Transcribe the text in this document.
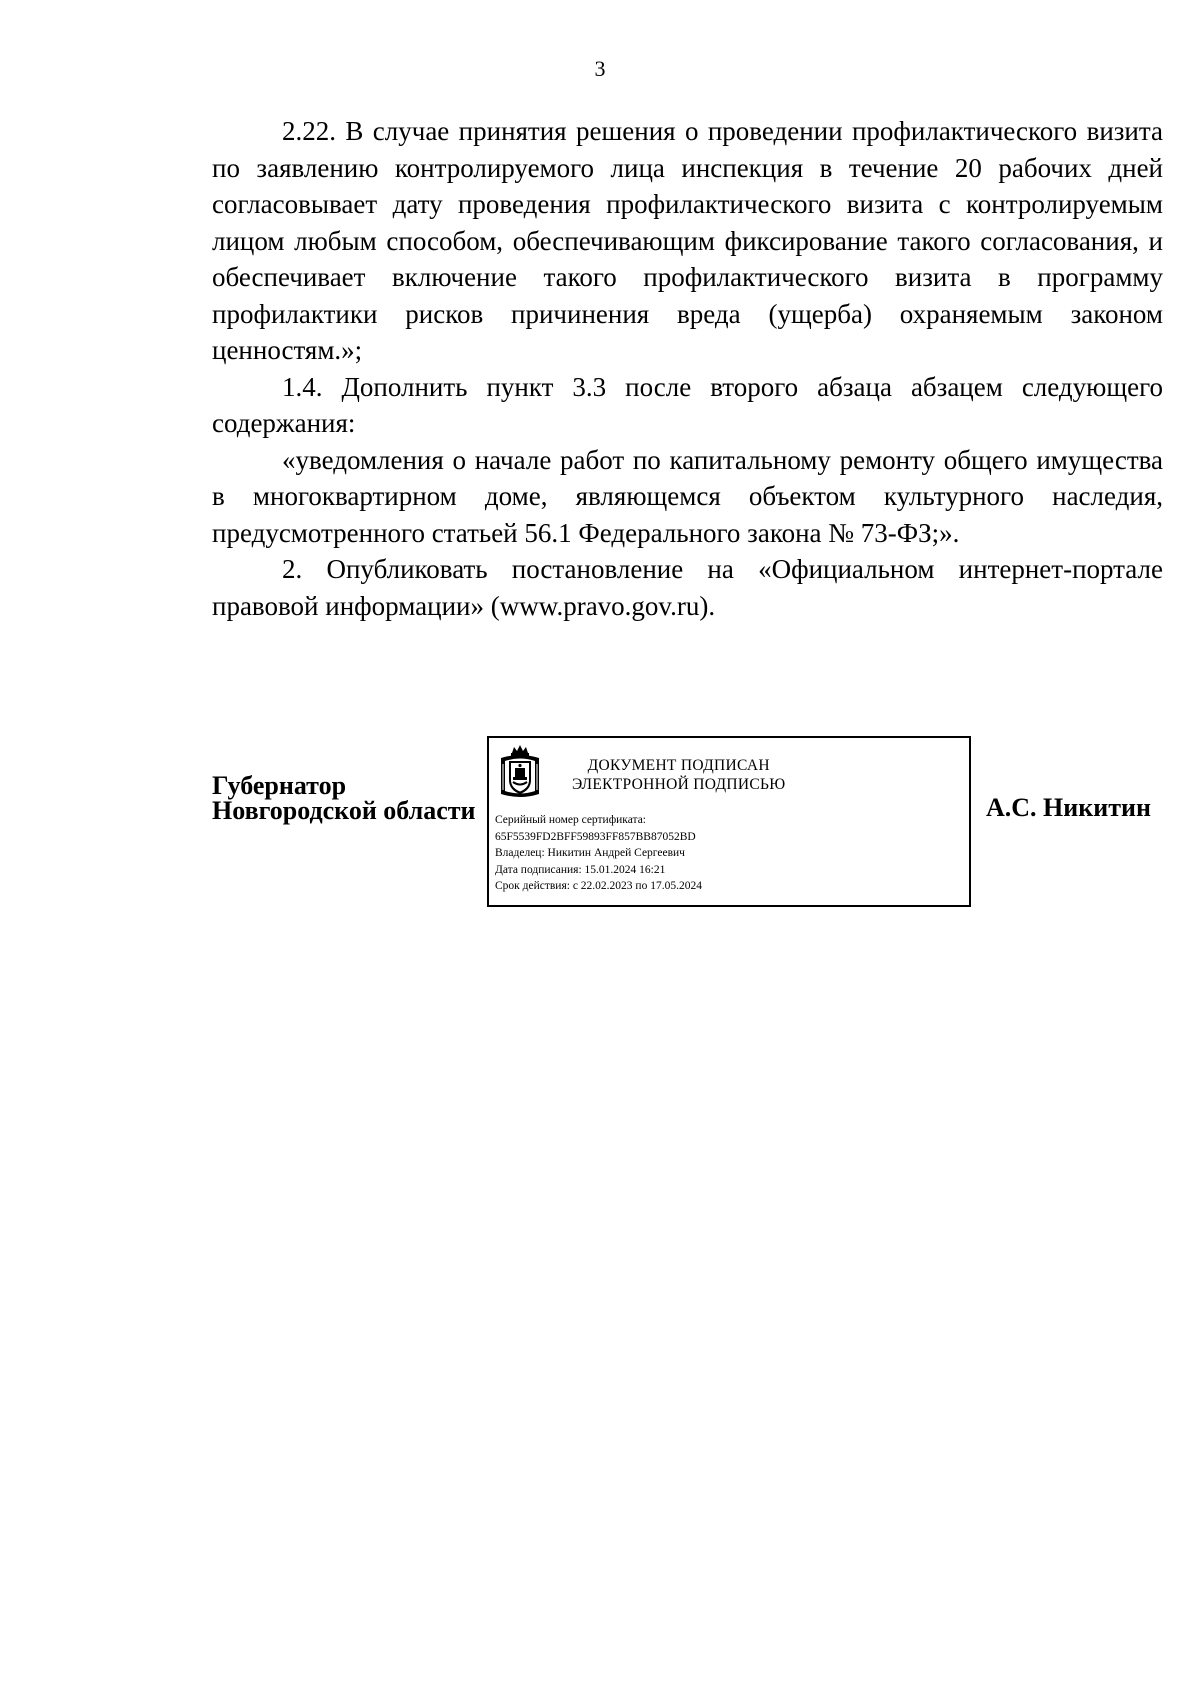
3

2.22. В случае принятия решения о проведении профилактического визита по заявлению контролируемого лица инспекция в течение 20 рабочих дней согласовывает дату проведения профилактического визита с контролируемым лицом любым способом, обеспечивающим фиксирование такого согласования, и обеспечивает включение такого профилактического визита в программу профилактики рисков причинения вреда (ущерба) охраняемым законом ценностям.»;

1.4. Дополнить пункт 3.3 после второго абзаца абзацем следующего содержания:

«уведомления о начале работ по капитальному ремонту общего имущества в многоквартирном доме, являющемся объектом культурного наследия, предусмотренного статьей 56.1 Федерального закона № 73-ФЗ;».

2. Опубликовать постановление на «Официальном интернет-портале правовой информации» (www.pravo.gov.ru).

Губернатор
Новгородской области
ДОКУМЕНТ ПОДПИСАН
ЭЛЕКТРОННОЙ ПОДПИСЬЮ
Серийный номер сертификата:
65F5539FD2BFF59893FF857BB87052BD
Владелец: Никитин Андрей Сергеевич
Дата подписания: 15.01.2024 16:21
Срок действия: с 22.02.2023 по 17.05.2024
А.С. Никитин
